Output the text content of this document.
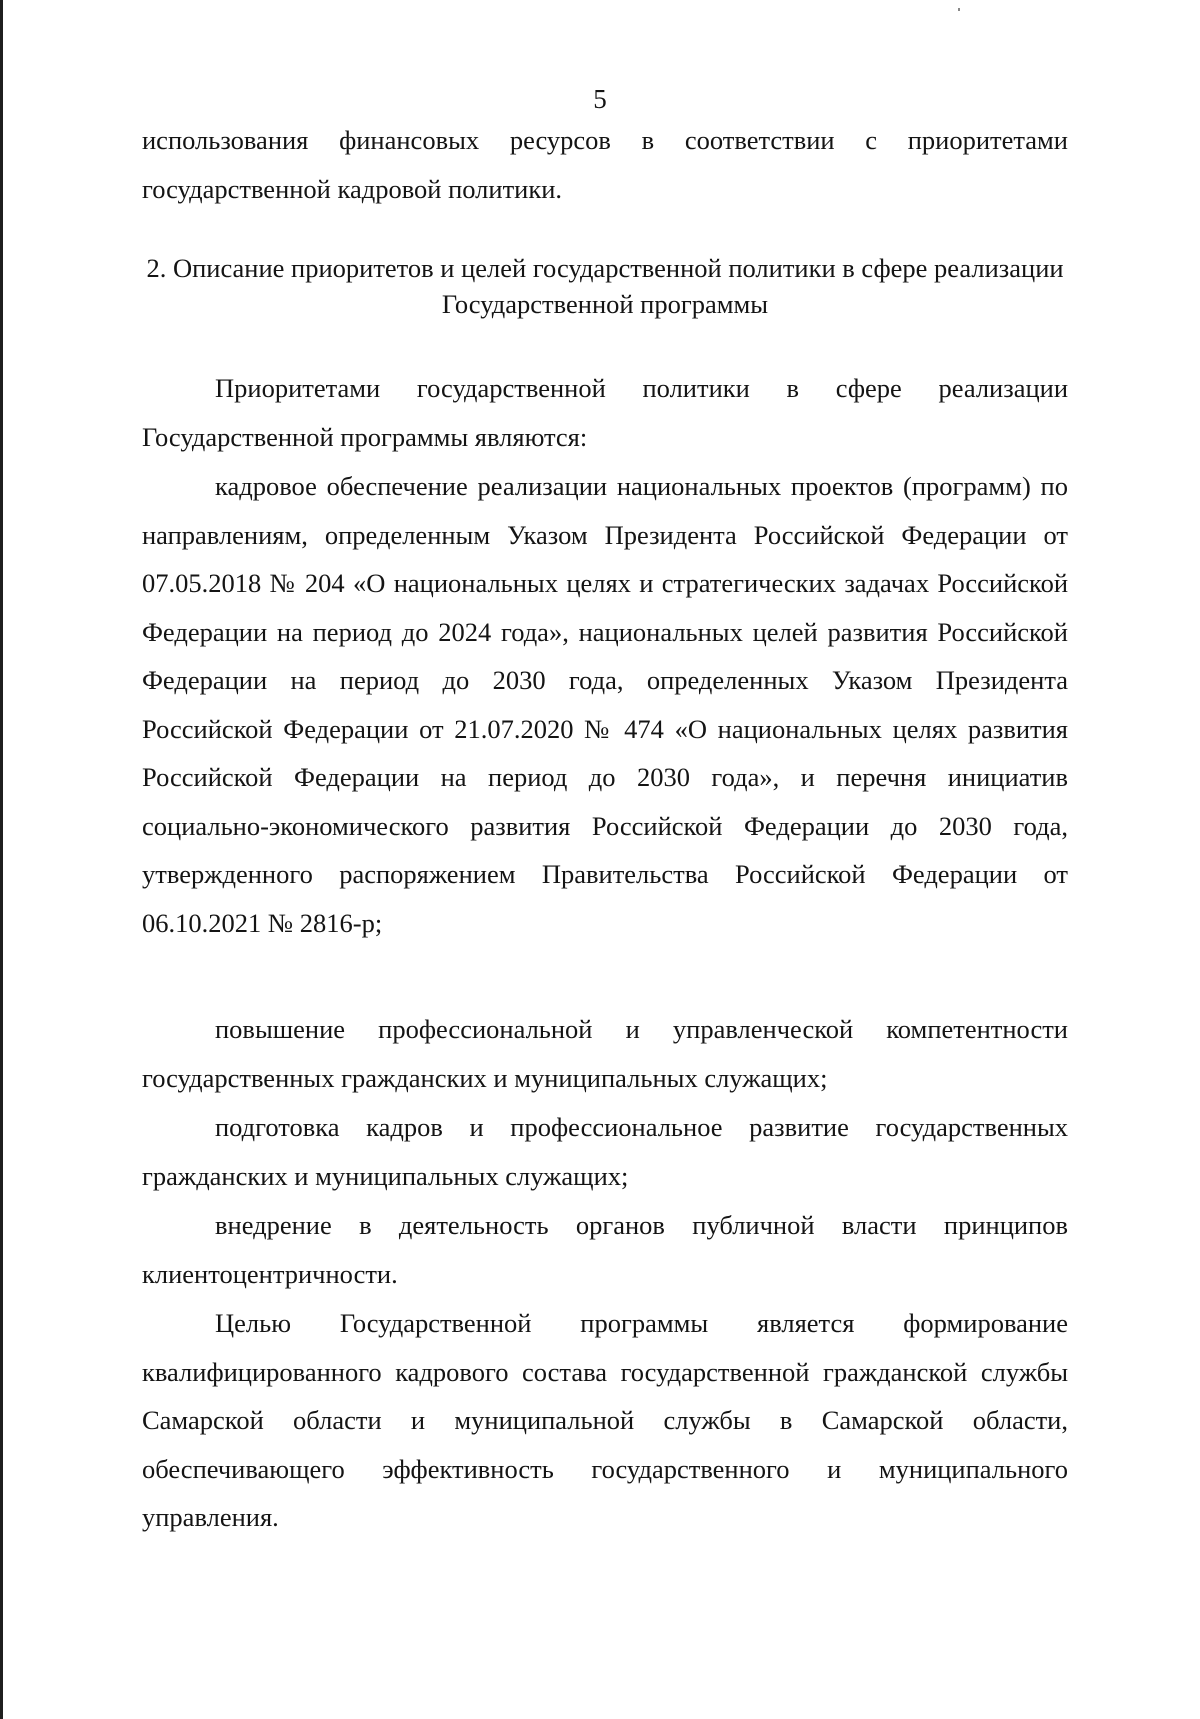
5

использования финансовых ресурсов в соответствии с приоритетами государственной кадровой политики.

2. Описание приоритетов и целей государственной политики в сфере реализации Государственной программы

Приоритетами государственной политики в сфере реализации Государственной программы являются:

кадровое обеспечение реализации национальных проектов (программ) по направлениям, определенным Указом Президента Российской Федерации от 07.05.2018 № 204 «О национальных целях и стратегических задачах Российской Федерации на период до 2024 года», национальных целей развития Российской Федерации на период до 2030 года, определенных Указом Президента Российской Федерации от 21.07.2020 № 474 «О национальных целях развития Российской Федерации на период до 2030 года», и перечня инициатив социально-экономического развития Российской Федерации до 2030 года, утвержденного распоряжением Правительства Российской Федерации от 06.10.2021 № 2816-р;

повышение профессиональной и управленческой компетентности государственных гражданских и муниципальных служащих;

подготовка кадров и профессиональное развитие государственных гражданских и муниципальных служащих;

внедрение в деятельность органов публичной власти принципов клиентоцентричности.

Целью Государственной программы является формирование квалифицированного кадрового состава государственной гражданской службы Самарской области и муниципальной службы в Самарской области, обеспечивающего эффективность государственного и муниципального управления.
